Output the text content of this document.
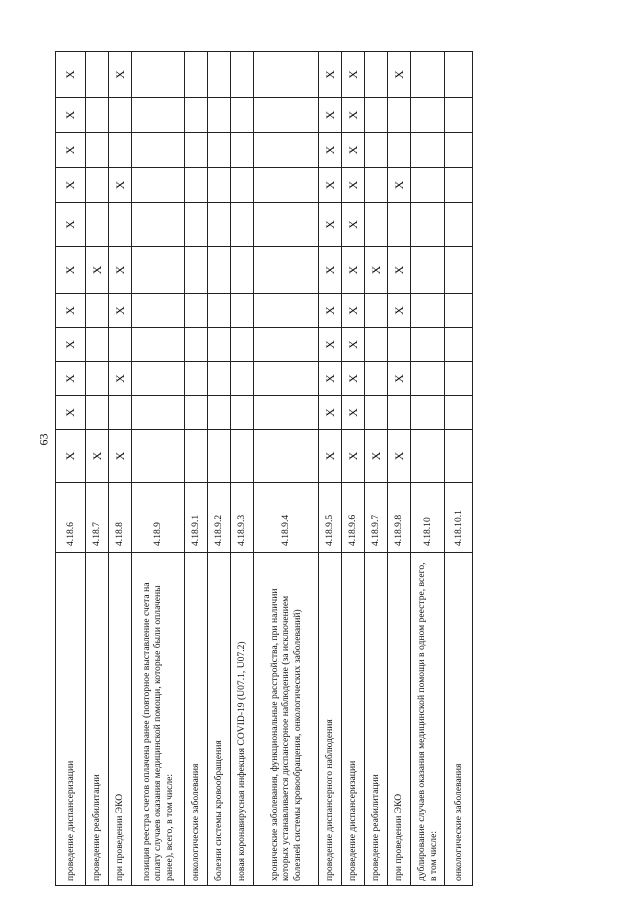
63
проведение диспансеризации	4.18.6	X	X	X	X	X	X	X	X	X	X	X
проведение реабилитации	4.18.7	X					X					
при проведении ЭКО	4.18.8	X		X		X	X		X			X
позиция реестра счетов оплачена ранее (повторное выставление счета на оплату случаев оказания медицинской помощи, которые были оплачены ранее), всего, в том числе:	4.18.9											
онкологические заболевания	4.18.9.1											
болезни системы кровообращения	4.18.9.2											
новая коронавирусная инфекция COVID-19 (U07.1, U07.2)	4.18.9.3											
хронические заболевания, функциональные расстройства, при наличии которых устанавливается диспансерное наблюдение (за исключением болезней системы кровообращения, онкологических заболеваний)	4.18.9.4											
проведение диспансерного наблюдения	4.18.9.5	X	X	X	X	X	X	X	X	X	X	X
проведение диспансеризации	4.18.9.6	X	X	X	X	X	X	X	X	X	X	X
проведение реабилитации	4.18.9.7	X					X					
при проведении ЭКО	4.18.9.8	X		X		X	X		X			X
дублирование случаев оказания медицинской помощи в одном реестре, всего, в том числе:	4.18.10											
онкологические заболевания	4.18.10.1											
